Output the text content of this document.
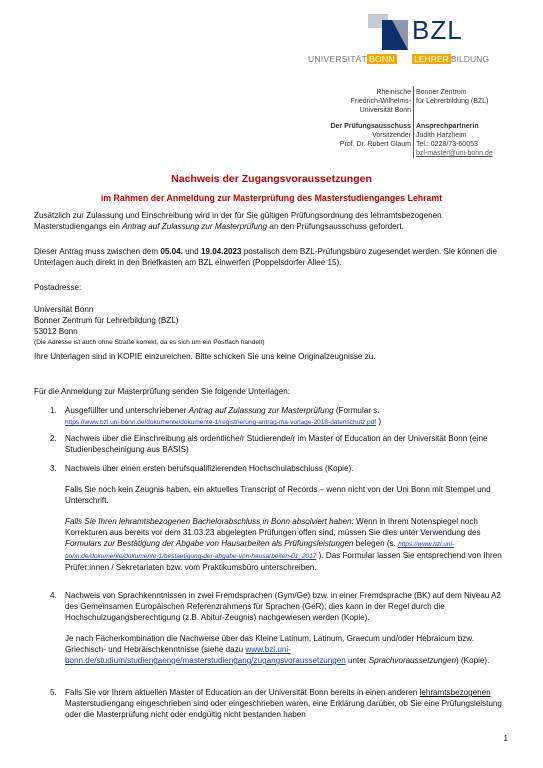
BZL
UNIVERSITÄT BONN LEHRER BILDUNG
Rheinische
Friedrich-Wilhelms-
Universität Bonn
Der Prüfungsausschuss
Vorsitzender
Prof. Dr. Robert Glaum
Bonner Zentrum
für Lehrerbildung (BZL)
Ansprechpartnerin
Judith Harzheim
Tel.: 0228/73-60053
bzl-master@uni-bonn.de
Nachweis der Zugangsvoraussetzungen
im Rahmen der Anmeldung zur Masterprüfung des Masterstudienganges Lehramt

Zusätzlich zur Zulassung und Einschreibung wird in der für Sie gültigen Prüfungsordnung des lehramtsbezogenen Masterstudiengangs ein Antrag auf Zulassung zur Masterprüfung an den Prüfungsausschuss gefordert.

Dieser Antrag muss zwischen dem 05.04. und 19.04.2023 postalisch dem BZL-Prüfungsbüro zugesendet werden. Sie können die Unterlagen auch direkt in den Briefkasten am BZL einwerfen (Poppelsdorfer Allee 15).

Postadresse:
Universität Bonn
Bonner Zentrum für Lehrerbildung (BZL)
53012 Bonn
(Die Adresse ist auch ohne Straße korrekt, da es sich um ein Postfach handelt)
Ihre Unterlagen sind in KOPIE einzureichen. Bitte schicken Sie uns keine Originalzeugnisse zu.
Für die Anmeldung zur Masterprüfung senden Sie folgende Unterlagen:
1. Ausgefüllter und unterschriebener Antrag auf Zulassung zur Masterprüfung (Formular s.
https://www.bzl.uni-bonn.de/dokumente/dokumente-1/registrierung-antrag-ma-vorlage-2018-datenschutz.pdf )

2. Nachweis über die Einschreibung als ordentliche/r Studierende/r im Master of Education an der Universität Bonn (eine Studienbescheinigung aus BASIS)
3. Nachweis über einen ersten berufsqualifizierenden Hochschulabschluss (Kopie).
Falls Sie noch kein Zeugnis haben, ein aktuelles Transcript of Records – wenn nicht von der Uni Bonn mit Stempel und Unterschrift.

Falls Sie Ihren lehramtsbezogenen Bachelorabschluss in Bonn absolviert haben: Wenn in Ihrem Notenspiegel noch Korrekturen aus bereits vor dem 31.03.23 abgelegten Prüfungen offen sind, müssen Sie dies unter Verwendung des Formulars zur Bestätigung der Abgabe von Hausarbeiten als Prüfungsleistungen belegen (s. https://www.bzl.uni-bonn.de/dokumente/dokumente-1/bestaetigung-der-abgabe-von-hausarbeiten-01_2017 ). Das Formular lassen Sie entsprechend von Ihren Prüfer:innen / Sekretariaten bzw. vom Praktikumsbüro unterschreiben.

4. Nachweis von Sprachkenntnissen in zwei Fremdsprachen (Gym/Ge) bzw. in einer Fremdsprache (BK) auf dem Niveau A2 des Gemeinsamen Europäischen Referenzrahmens für Sprachen (GeR); dies kann in der Regel durch die Hochschulzugangsberechtigung (z.B. Abitur-Zeugnis) nachgewiesen werden (Kopie).

Je nach Fächerkombination die Nachweise über das Kleine Latinum, Latinum, Graecum und/oder Hebraicum bzw. Griechisch- und Hebräischkenntnisse (siehe dazu www.bzl.uni-bonn.de/studium/studiengaenge/masterstudiengang/zugangsvoraussetzungen unter Sprachvoraussetzungen) (Kopie).

5. Falls Sie vor Ihrem aktuellen Master of Education an der Universität Bonn bereits in einen anderen lehramtsbezogenen Masterstudiengang eingeschrieben sind oder eingeschrieben waren, eine Erklärung darüber, ob Sie eine Prüfungsleistung oder die Masterprüfung nicht oder endgültig nicht bestanden haben

1
